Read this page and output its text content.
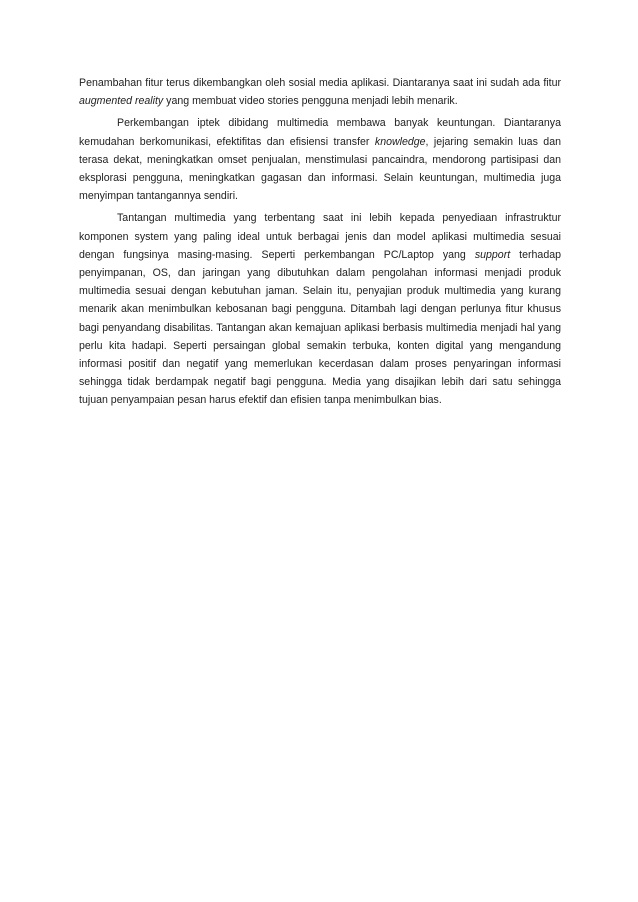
Penambahan fitur terus dikembangkan oleh sosial media aplikasi. Diantaranya saat ini sudah ada fitur augmented reality yang membuat video stories pengguna menjadi lebih menarik.

Perkembangan iptek dibidang multimedia membawa banyak keuntungan. Diantaranya kemudahan berkomunikasi, efektifitas dan efisiensi transfer knowledge, jejaring semakin luas dan terasa dekat, meningkatkan omset penjualan, menstimulasi pancaindra, mendorong partisipasi dan eksplorasi pengguna, meningkatkan gagasan dan informasi. Selain keuntungan, multimedia juga menyimpan tantangannya sendiri.

Tantangan multimedia yang terbentang saat ini lebih kepada penyediaan infrastruktur komponen system yang paling ideal untuk berbagai jenis dan model aplikasi multimedia sesuai dengan fungsinya masing-masing. Seperti perkembangan PC/Laptop yang support terhadap penyimpanan, OS, dan jaringan yang dibutuhkan dalam pengolahan informasi menjadi produk multimedia sesuai dengan kebutuhan jaman. Selain itu, penyajian produk multimedia yang kurang menarik akan menimbulkan kebosanan bagi pengguna. Ditambah lagi dengan perlunya fitur khusus bagi penyandang disabilitas. Tantangan akan kemajuan aplikasi berbasis multimedia menjadi hal yang perlu kita hadapi. Seperti persaingan global semakin terbuka, konten digital yang mengandung informasi positif dan negatif yang memerlukan kecerdasan dalam proses penyaringan informasi sehingga tidak berdampak negatif bagi pengguna. Media yang disajikan lebih dari satu sehingga tujuan penyampaian pesan harus efektif dan efisien tanpa menimbulkan bias.
